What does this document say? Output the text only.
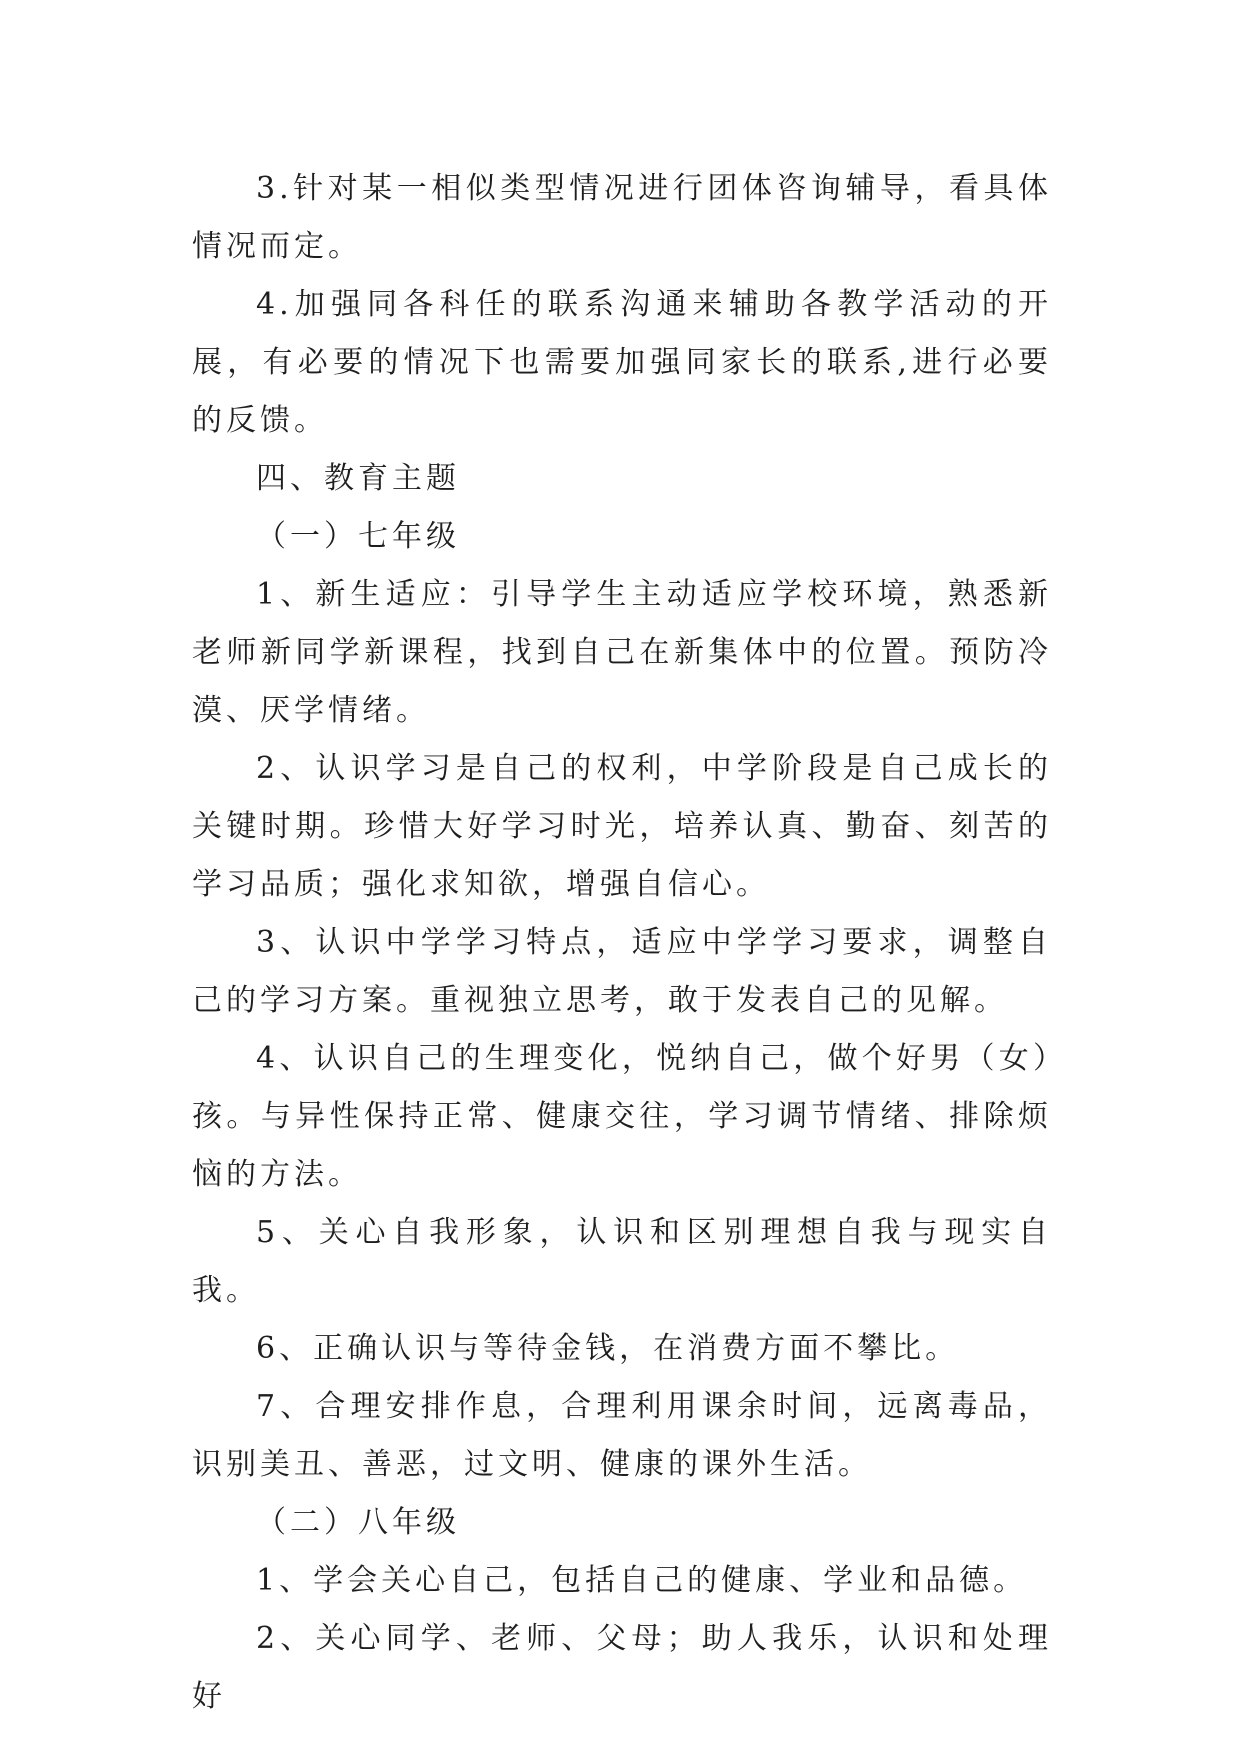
3.针对某一相似类型情况进行团体咨询辅导，看具体情况而定。

4.加强同各科任的联系沟通来辅助各教学活动的开展，有必要的情况下也需要加强同家长的联系,进行必要的反馈。

四、教育主题

（一）七年级

1、新生适应：引导学生主动适应学校环境，熟悉新老师新同学新课程，找到自己在新集体中的位置。预防冷漠、厌学情绪。

2、认识学习是自己的权利，中学阶段是自己成长的关键时期。珍惜大好学习时光，培养认真、勤奋、刻苦的学习品质；强化求知欲，增强自信心。

3、认识中学学习特点，适应中学学习要求，调整自己的学习方案。重视独立思考，敢于发表自己的见解。

4、认识自己的生理变化，悦纳自己，做个好男（女）孩。与异性保持正常、健康交往，学习调节情绪、排除烦恼的方法。

5、关心自我形象，认识和区别理想自我与现实自我。

6、正确认识与等待金钱，在消费方面不攀比。

7、合理安排作息，合理利用课余时间，远离毒品，识别美丑、善恶，过文明、健康的课外生活。

（二）八年级

1、学会关心自己，包括自己的健康、学业和品德。

2、关心同学、老师、父母；助人我乐，认识和处理好
